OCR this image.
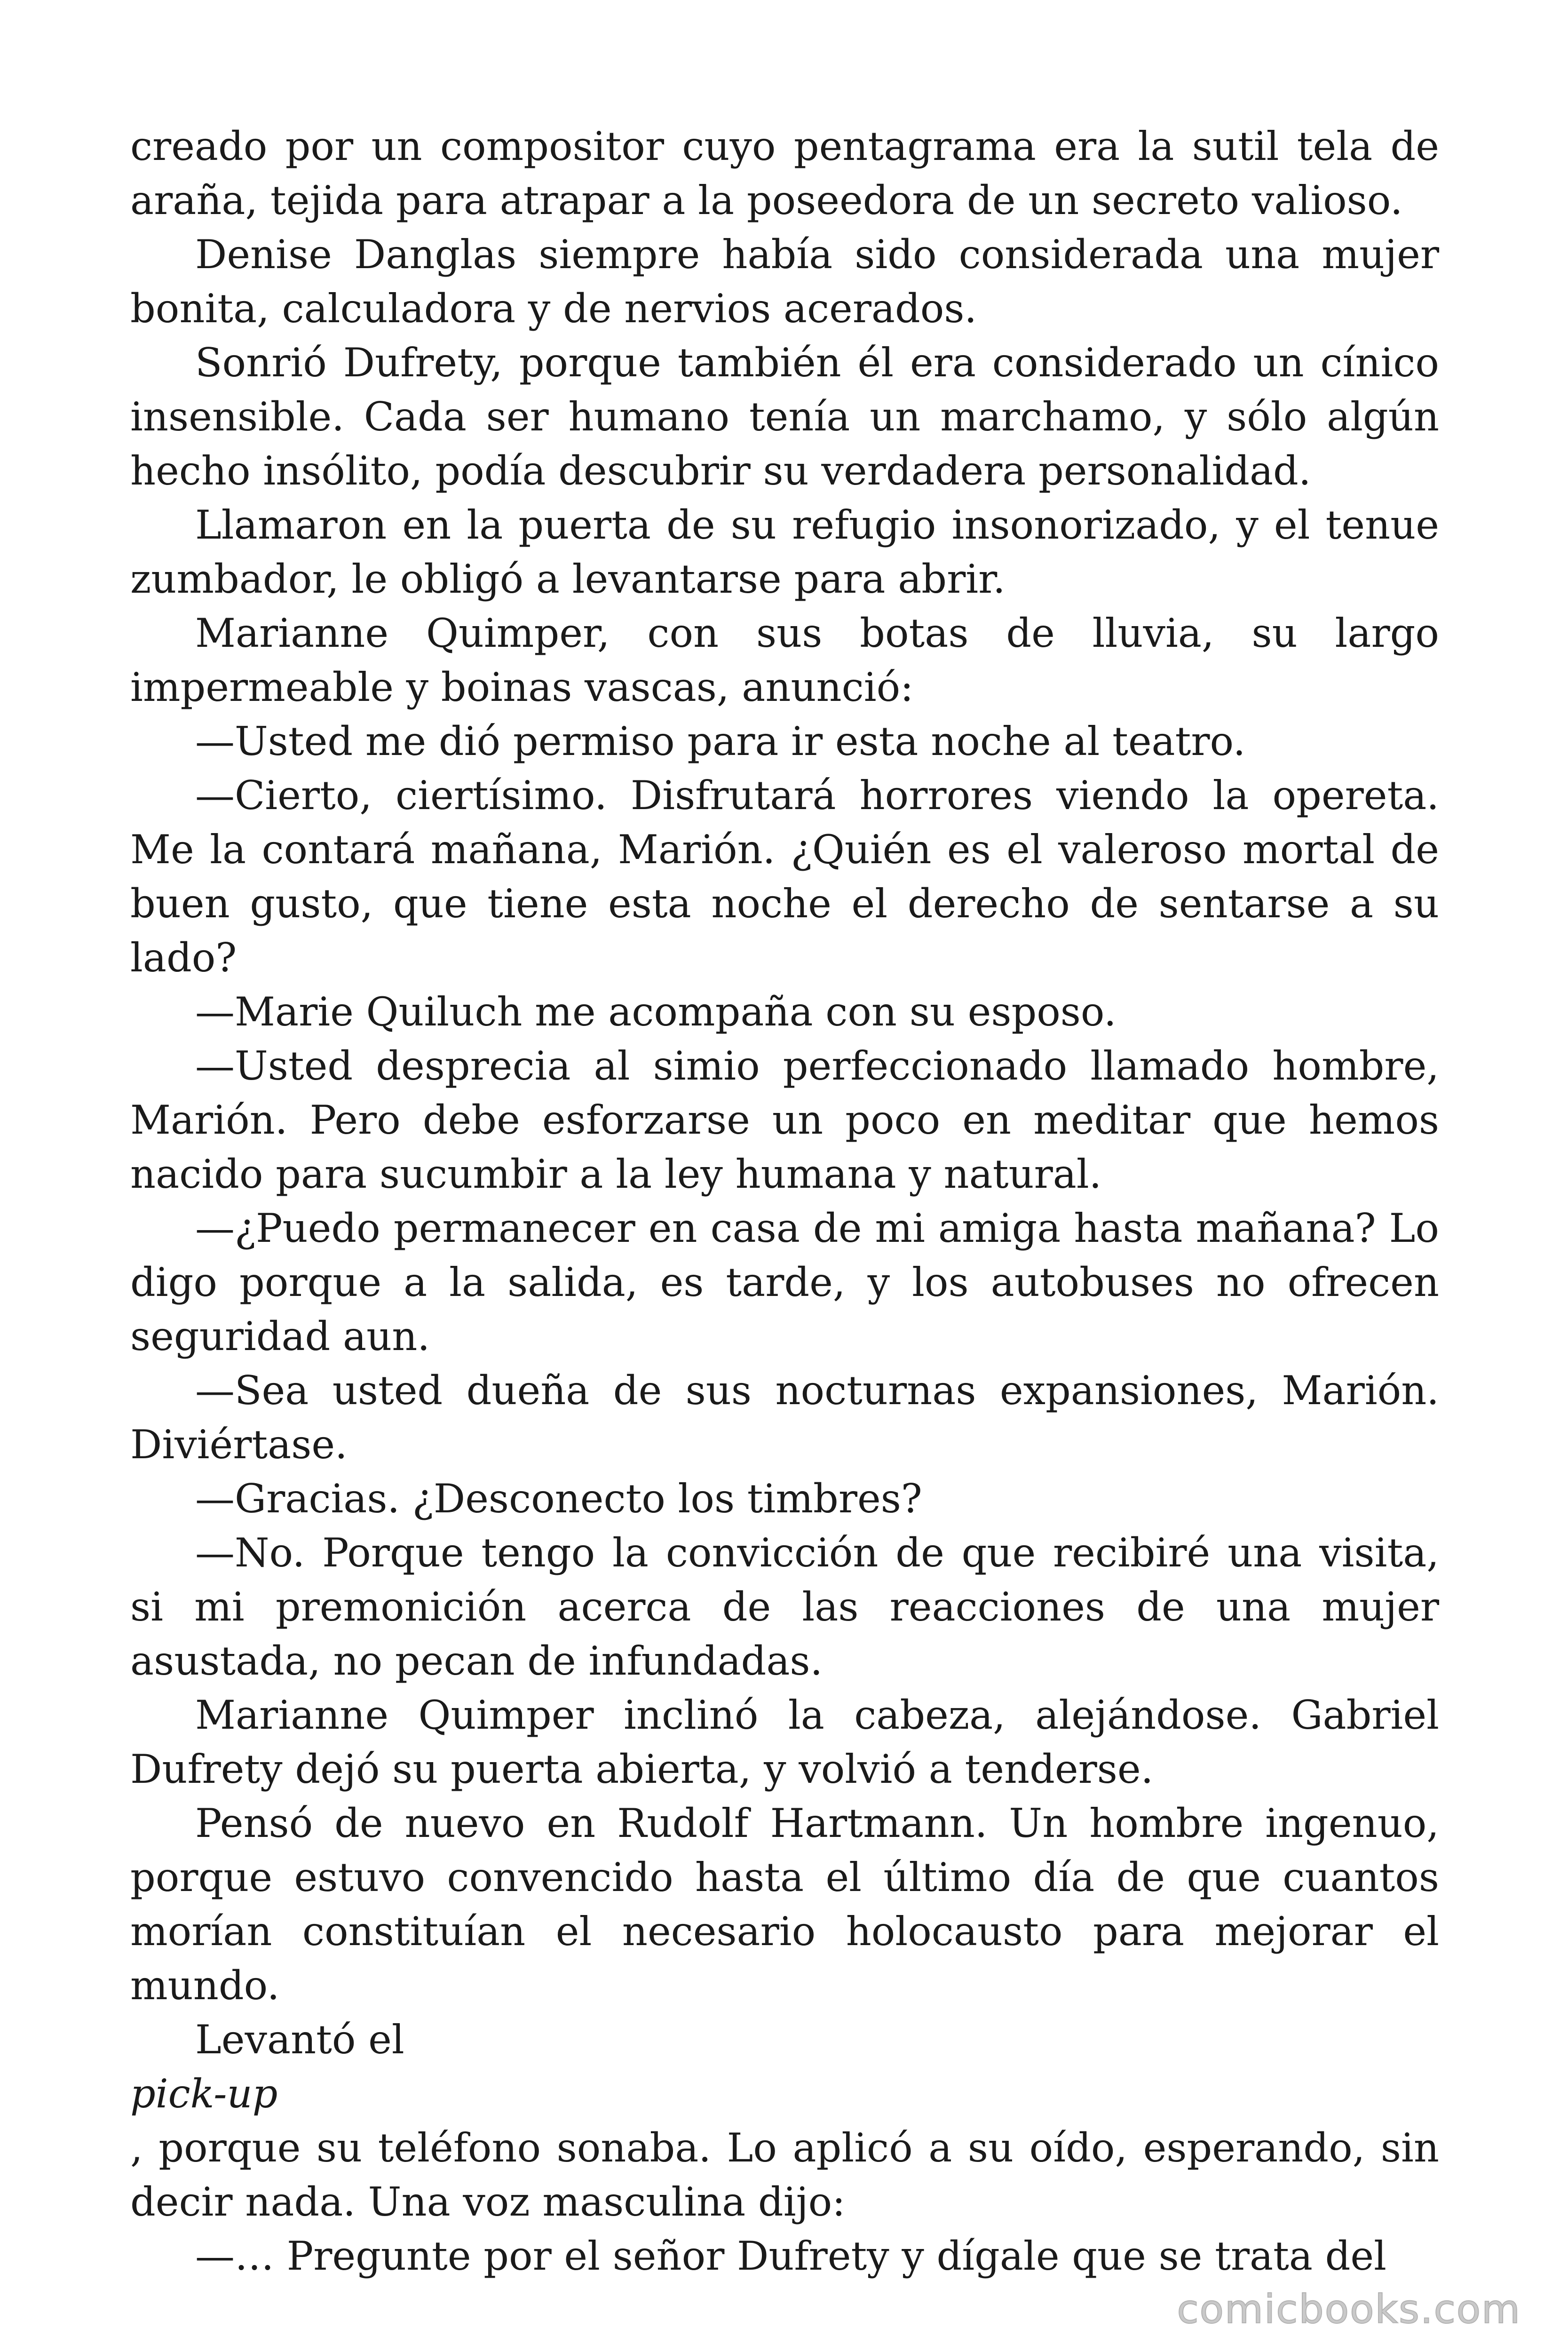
creado por un compositor cuyo pentagrama era la sutil tela de araña, tejida para atrapar a la poseedora de un secreto valioso.

Denise Danglas siempre había sido considerada una mujer bonita, calculadora y de nervios acerados.

Sonrió Dufrety, porque también él era considerado un cínico insensible. Cada ser humano tenía un marchamo, y sólo algún hecho insólito, podía descubrir su verdadera personalidad.

Llamaron en la puerta de su refugio insonorizado, y el tenue zumbador, le obligó a levantarse para abrir.

Marianne Quimper, con sus botas de lluvia, su largo impermeable y boinas vascas, anunció:

—Usted me dió permiso para ir esta noche al teatro.

—Cierto, ciertísimo. Disfrutará horrores viendo la opereta. Me la contará mañana, Marión. ¿Quién es el valeroso mortal de buen gusto, que tiene esta noche el derecho de sentarse a su lado?

—Marie Quiluch me acompaña con su esposo.

—Usted desprecia al simio perfeccionado llamado hombre, Marión. Pero debe esforzarse un poco en meditar que hemos nacido para sucumbir a la ley humana y natural.

—¿Puedo permanecer en casa de mi amiga hasta mañana? Lo digo porque a la salida, es tarde, y los autobuses no ofrecen seguridad aun.

—Sea usted dueña de sus nocturnas expansiones, Marión. Diviértase.

—Gracias. ¿Desconecto los timbres?

—No. Porque tengo la convicción de que recibiré una visita, si mi premonición acerca de las reacciones de una mujer asustada, no pecan de infundadas.

Marianne Quimper inclinó la cabeza, alejándose. Gabriel Dufrety dejó su puerta abierta, y volvió a tenderse.

Pensó de nuevo en Rudolf Hartmann. Un hombre ingenuo, porque estuvo convencido hasta el último día de que cuantos morían constituían el necesario holocausto para mejorar el mundo.

Levantó el

pick-up

, porque su teléfono sonaba. Lo aplicó a su oído, esperando, sin decir nada. Una voz masculina dijo:

—… Pregunte por el señor Dufrety y dígale que se trata del

comicbooks.com
